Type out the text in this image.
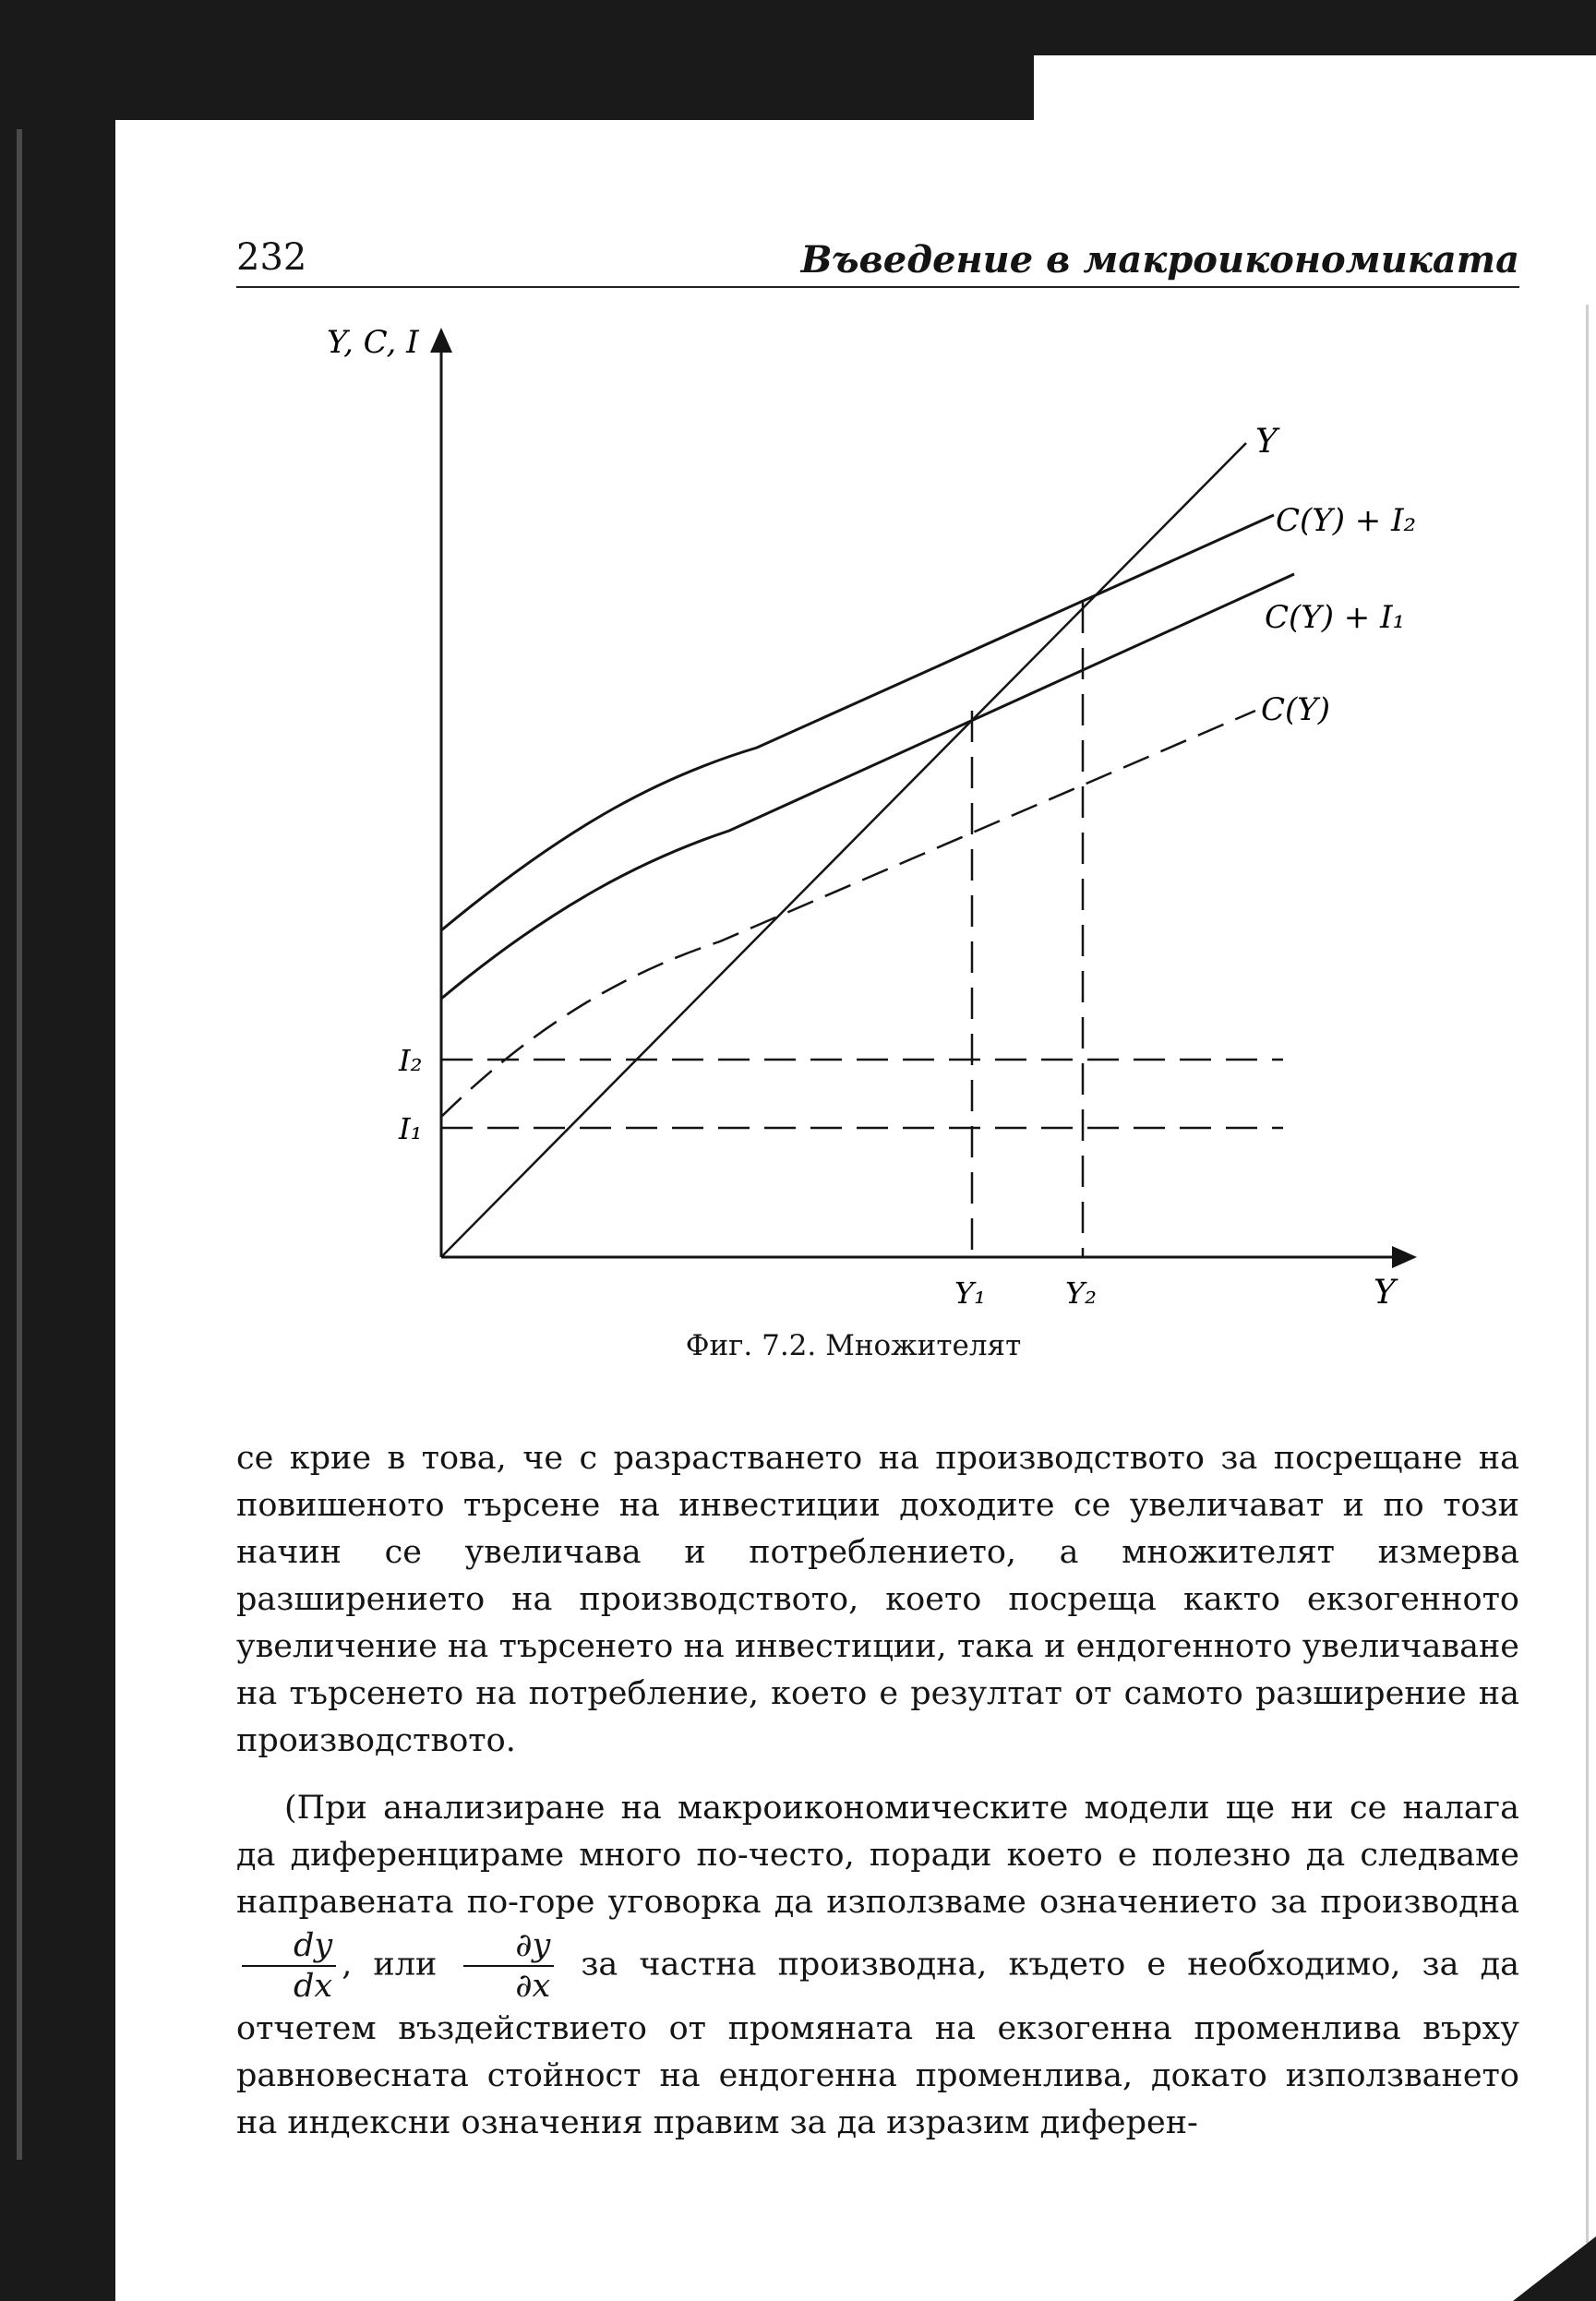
232	Въведение в макроикономиката
Y, C, I
Y
I₂
I₁
Y₁	Y₂
Y
C(Y) + I₂
C(Y) + I₁
C(Y)
Фиг. 7.2. Множителят

се крие в това, че с разрастването на производството за посрещане на повишеното търсене на инвестиции доходите се увеличават и по този начин се увеличава и потреблението, а множителят измерва разширението на производството, което посреща както екзогенното увеличение на търсенето на инвестиции, така и ендогенното увеличаване на търсенето на потребление, което е резултат от самото разширение на производството.

(При анализиране на макроикономическите модели ще ни се налага да диференцираме много по-често, поради което е полезно да следваме направената по-горе уговорка да използваме означението за производна
$\frac{dy}{dx}$ , или $\frac{\partial y}{\partial x}$ за частна производна, където е необходимо, за да отчетем въздействието от промяната на екзогенна променлива върху равновесната стойност на ендогенна променлива, докато използването на индексни означения правим за да изразим диферен-
